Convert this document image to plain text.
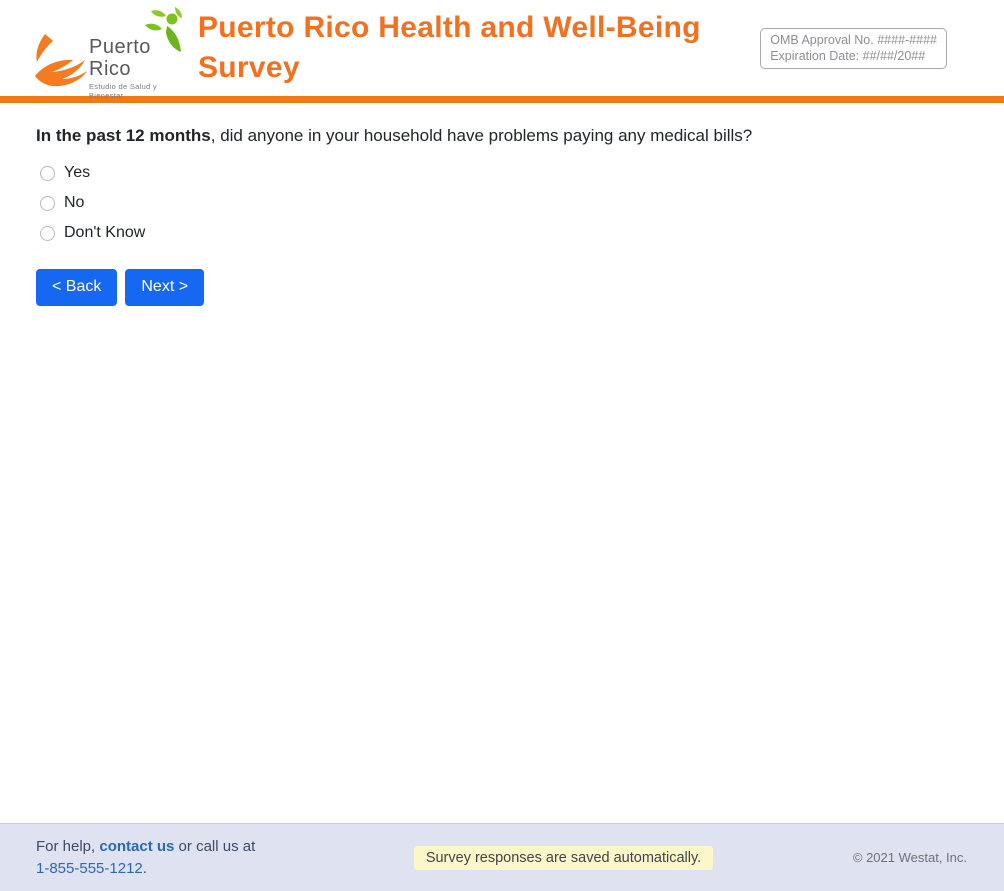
Puerto Rico
Estudio de Salud y Bienestar
Puerto Rico Health and Well-Being Survey
OMB Approval No. ####-####
Expiration Date: ##/##/20##
In the past 12 months, did anyone in your household have problems paying any medical bills?
Yes
No
Don't Know
< Back	Next >
For help, contact us or call us at
1-855-555-1212.
Survey responses are saved automatically.	© 2021 Westat, Inc.
